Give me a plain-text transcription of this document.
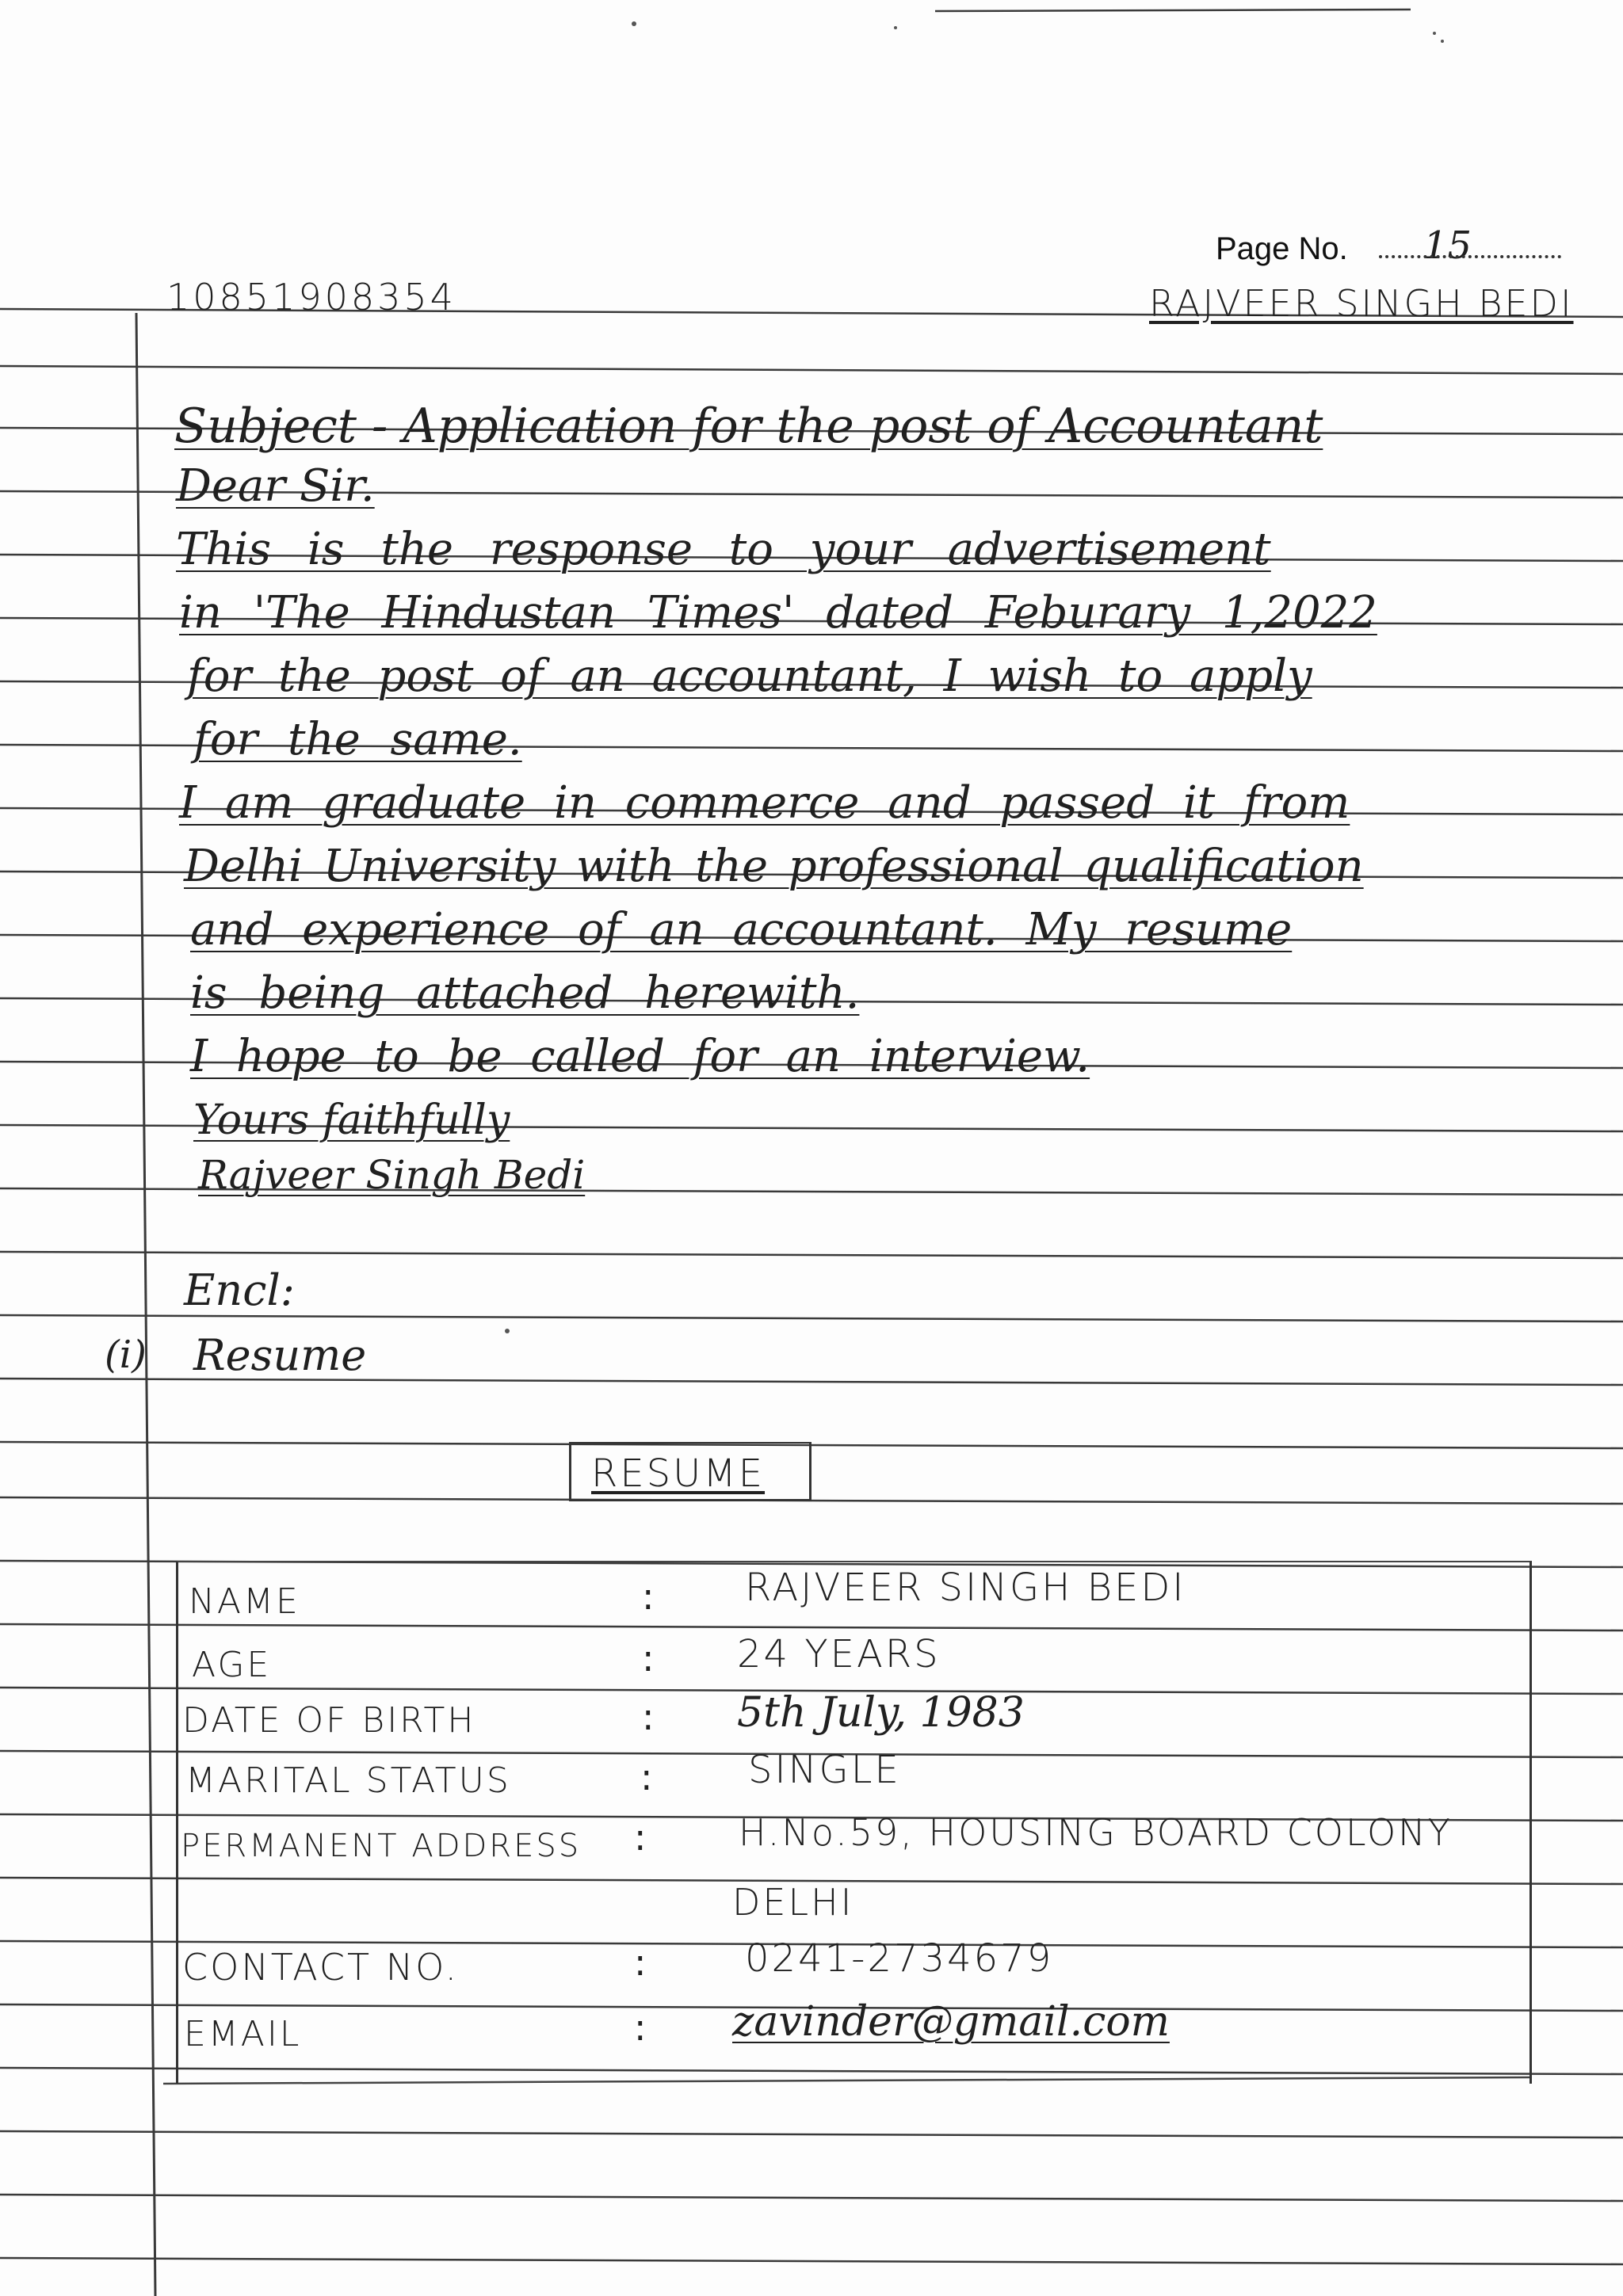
Page No. 15
10851908354	RAJVEER SINGH BEDI
Subject - Application for the post of Accountant
Dear Sir.
This is the response to your advertisement
in 'The Hindustan Times' dated Feburary 1,2022
for the post of an accountant, I wish to apply
for the same.
I am graduate in commerce and passed it from
Delhi University with the professional qualification
and experience of an accountant. My resume
is being attached herewith.
I hope to be called for an interview.
Yours faithfully
Rajveer Singh Bedi
Encl:
(i) Resume
RESUME
NAME	: RAJVEER SINGH BEDI
AGE	: 24 YEARS
DATE OF BIRTH	: 5th July, 1983
MARITAL STATUS	:	SINGLE
PERMANENT ADDRESS :	H.No.59, HOUSING BOARD COLONY
DELHI
CONTACT NO.	:	0241-2734679
EMAIL	: zavinder@gmail.com
